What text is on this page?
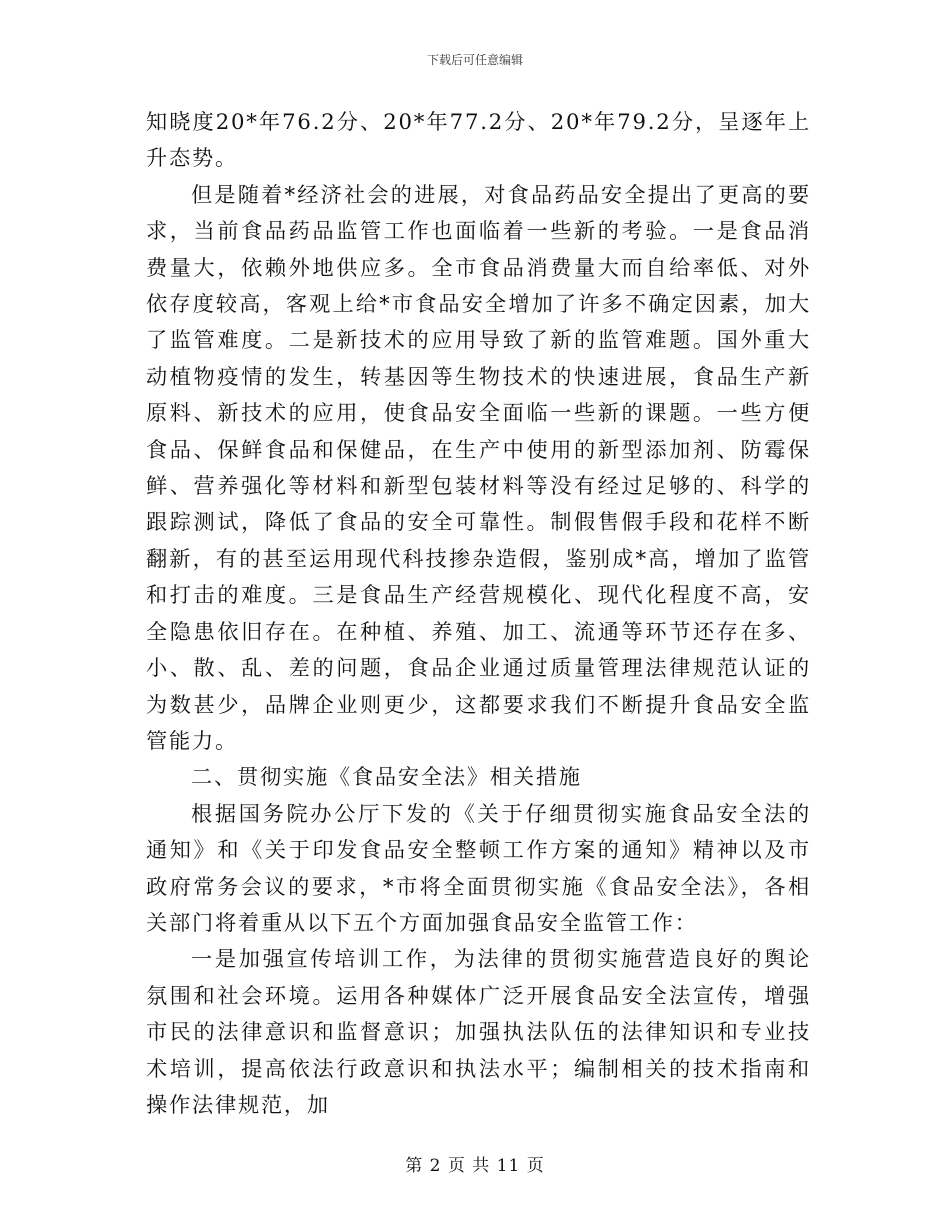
下载后可任意编辑

知晓度20*年76.2分、20*年77.2分、20*年79.2分，呈逐年上升态势。

但是随着*经济社会的进展，对食品药品安全提出了更高的要求，当前食品药品监管工作也面临着一些新的考验。一是食品消费量大，依赖外地供应多。全市食品消费量大而自给率低、对外依存度较高，客观上给*市食品安全增加了许多不确定因素，加大了监管难度。二是新技术的应用导致了新的监管难题。国外重大动植物疫情的发生，转基因等生物技术的快速进展，食品生产新原料、新技术的应用，使食品安全面临一些新的课题。一些方便食品、保鲜食品和保健品，在生产中使用的新型添加剂、防霉保鲜、营养强化等材料和新型包装材料等没有经过足够的、科学的跟踪测试，降低了食品的安全可靠性。制假售假手段和花样不断翻新，有的甚至运用现代科技掺杂造假，鉴别成*高，增加了监管和打击的难度。三是食品生产经营规模化、现代化程度不高，安全隐患依旧存在。在种植、养殖、加工、流通等环节还存在多、小、散、乱、差的问题，食品企业通过质量管理法律规范认证的为数甚少，品牌企业则更少，这都要求我们不断提升食品安全监管能力。

二、贯彻实施《食品安全法》相关措施

根据国务院办公厅下发的《关于仔细贯彻实施食品安全法的通知》和《关于印发食品安全整顿工作方案的通知》精神以及市政府常务会议的要求，*市将全面贯彻实施《食品安全法》，各相关部门将着重从以下五个方面加强食品安全监管工作：

一是加强宣传培训工作，为法律的贯彻实施营造良好的舆论氛围和社会环境。运用各种媒体广泛开展食品安全法宣传，增强市民的法律意识和监督意识；加强执法队伍的法律知识和专业技术培训，提高依法行政意识和执法水平；编制相关的技术指南和操作法律规范，加

第 2 页 共 11 页
